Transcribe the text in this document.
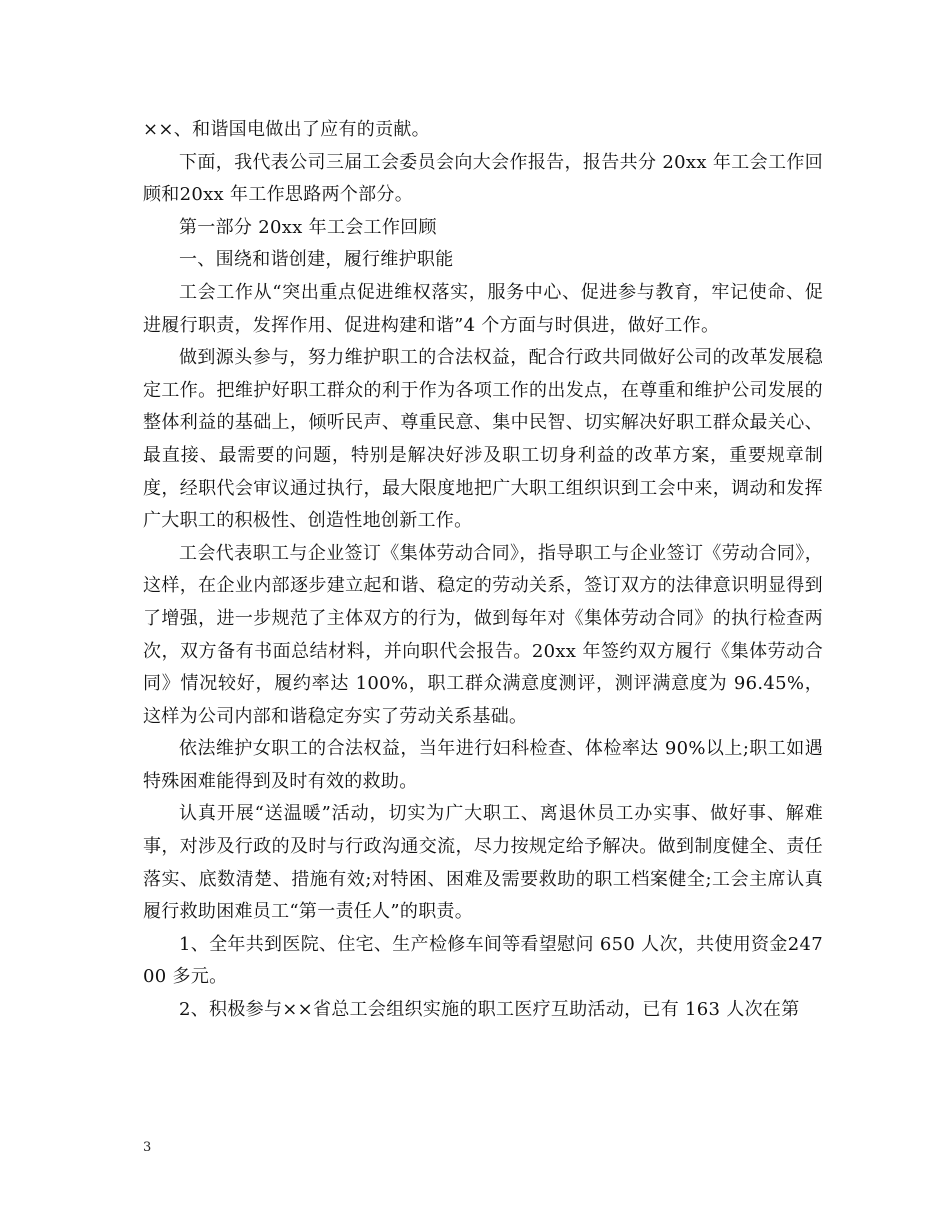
××、和谐国电做出了应有的贡献。

下面，我代表公司三届工会委员会向大会作报告，报告共分 20xx 年工会工作回顾和20xx 年工作思路两个部分。

第一部分 20xx 年工会工作回顾

一、围绕和谐创建，履行维护职能

工会工作从“突出重点促进维权落实，服务中心、促进参与教育，牢记使命、促进履行职责，发挥作用、促进构建和谐”4 个方面与时俱进，做好工作。

做到源头参与，努力维护职工的合法权益，配合行政共同做好公司的改革发展稳定工作。把维护好职工群众的利于作为各项工作的出发点，在尊重和维护公司发展的整体利益的基础上，倾听民声、尊重民意、集中民智、切实解决好职工群众最关心、最直接、最需要的问题，特别是解决好涉及职工切身利益的改革方案，重要规章制度，经职代会审议通过执行，最大限度地把广大职工组织识到工会中来，调动和发挥广大职工的积极性、创造性地创新工作。

工会代表职工与企业签订《集体劳动合同》，指导职工与企业签订《劳动合同》，这样，在企业内部逐步建立起和谐、稳定的劳动关系，签订双方的法律意识明显得到了增强，进一步规范了主体双方的行为，做到每年对《集体劳动合同》的执行检查两次，双方备有书面总结材料，并向职代会报告。20xx 年签约双方履行《集体劳动合同》情况较好，履约率达 100%，职工群众满意度测评，测评满意度为 96.45%，这样为公司内部和谐稳定夯实了劳动关系基础。

依法维护女职工的合法权益，当年进行妇科检查、体检率达 90%以上;职工如遇特殊困难能得到及时有效的救助。

认真开展“送温暖”活动，切实为广大职工、离退休员工办实事、做好事、解难事，对涉及行政的及时与行政沟通交流，尽力按规定给予解决。做到制度健全、责任落实、底数清楚、措施有效;对特困、困难及需要救助的职工档案健全;工会主席认真履行救助困难员工“第一责任人”的职责。

1、全年共到医院、住宅、生产检修车间等看望慰问 650 人次，共使用资金24700 多元。

2、积极参与××省总工会组织实施的职工医疗互助活动，已有 163 人次在第

3
